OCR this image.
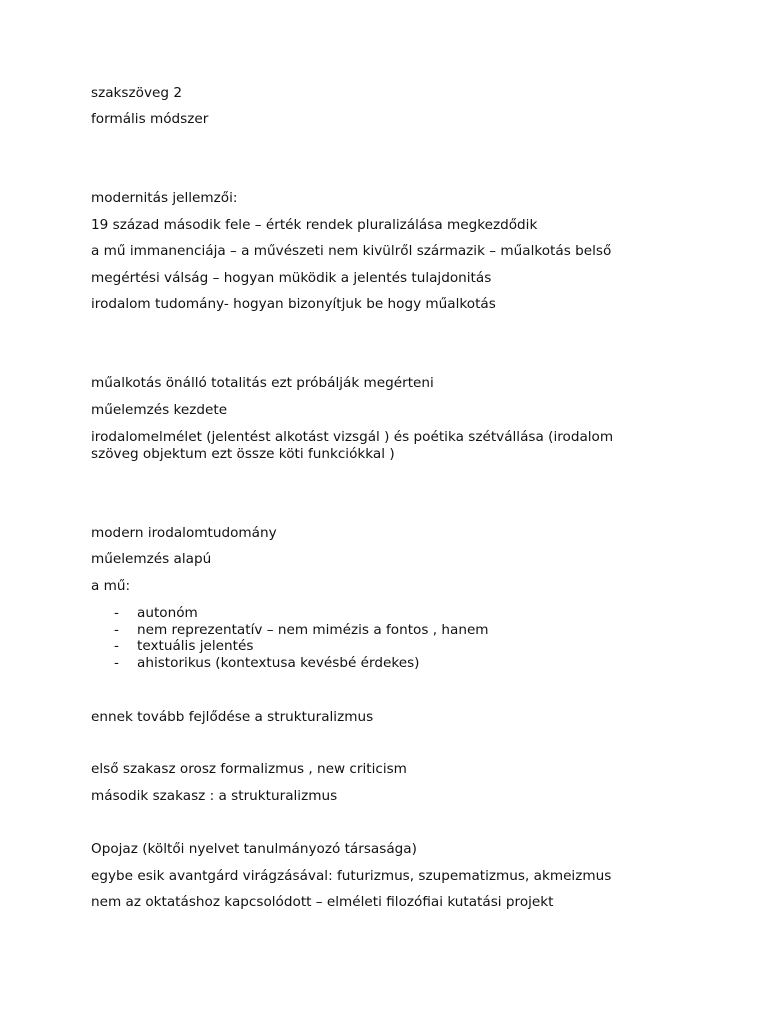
szakszöveg 2
formális módszer
modernitás jellemzői:
19 század második fele – érték rendek pluralizálása megkezdődik
a mű immanenciája – a művészeti nem kivülről származik – műalkotás belső
megértési válság – hogyan müködik a jelentés tulajdonitás
irodalom tudomány- hogyan bizonyítjuk be hogy műalkotás
műalkotás önálló totalitás ezt próbálják megérteni
műelemzés kezdete
irodalomelmélet (jelentést alkotást vizsgál ) és poétika szétvállása (irodalom szöveg objektum ezt össze köti funkciókkal )
modern irodalomtudomány
műelemzés alapú
a mű:
- autonóm
- nem reprezentatív – nem mimézis a fontos , hanem
- textuális jelentés
- ahistorikus (kontextusa kevésbé érdekes)
ennek tovább fejlődése a strukturalizmus
első szakasz orosz formalizmus , new criticism
második szakasz : a strukturalizmus
Opojaz (költői nyelvet tanulmányozó társasága)
egybe esik avantgárd virágzásával: futurizmus, szupematizmus, akmeizmus
nem az oktatáshoz kapcsolódott – elméleti filozófiai kutatási projekt
